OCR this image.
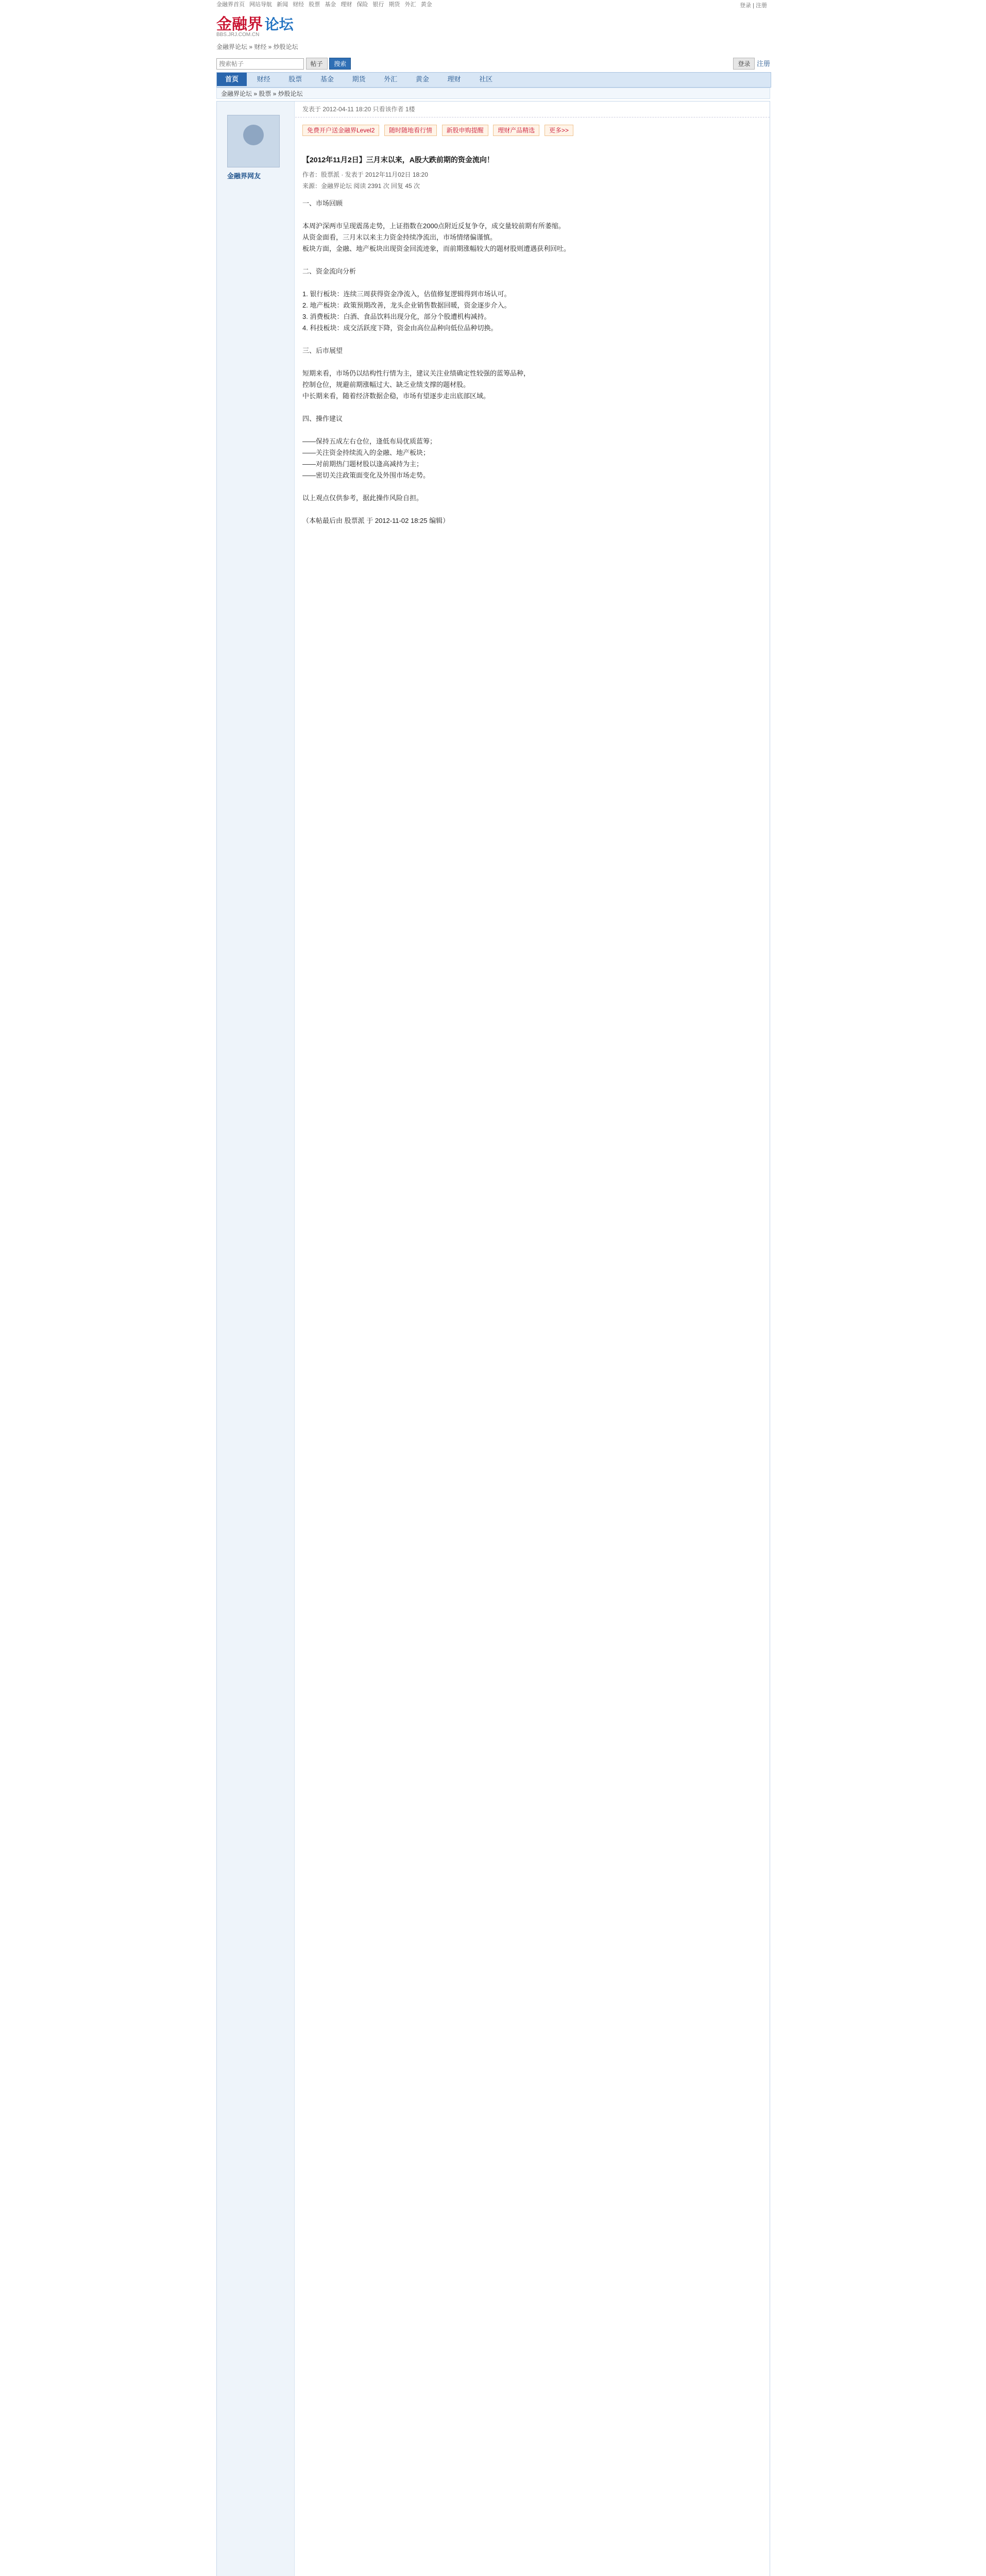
金融界首页 网站导航 新闻 财经 股票 基金 理财 保险 银行 期货 外汇 黄金	登录 | 注册
金融界 论坛
BBS.JRJ.COM.CN
金融界论坛 » 财经 » 炒股论坛
搜索帖子 帖子 搜索	登录 注册
首页	财经	股票	基金	期货	外汇	黄金	理财	社区
金融界论坛 » 股票 » 炒股论坛
金融界网友
发表于 2012-04-11 18:20 只看该作者 1楼
免费开户送金融界Level2 随时随地看行情 新股申购提醒 理财产品精选 更多>>
【2012年11月2日】三月末以来，A股大跌前期的资金流向！
作者：股票派 · 发表于 2012年11月02日 18:20
来源：金融界论坛 阅读 2391 次 回复 45 次
一、市场回顾

本周沪深两市呈现震荡走势，上证指数在2000点附近反复争夺，成交量较前期有所萎缩。
从资金面看，三月末以来主力资金持续净流出，市场情绪偏谨慎。
板块方面，金融、地产板块出现资金回流迹象，而前期涨幅较大的题材股则遭遇获利回吐。

二、资金流向分析

1. 银行板块：连续三周获得资金净流入，估值修复逻辑得到市场认可。
2. 地产板块：政策预期改善，龙头企业销售数据回暖，资金逐步介入。
3. 消费板块：白酒、食品饮料出现分化，部分个股遭机构减持。
4. 科技板块：成交活跃度下降，资金由高位品种向低位品种切换。

三、后市展望

短期来看，市场仍以结构性行情为主，建议关注业绩确定性较强的蓝筹品种，
控制仓位，规避前期涨幅过大、缺乏业绩支撑的题材股。
中长期来看，随着经济数据企稳，市场有望逐步走出底部区域。

四、操作建议

——保持五成左右仓位，逢低布局优质蓝筹；
——关注资金持续流入的金融、地产板块；
——对前期热门题材股以逢高减持为主；
——密切关注政策面变化及外围市场走势。

以上观点仅供参考，据此操作风险自担。

（本帖最后由 股票派 于 2012-11-02 18:25 编辑）
